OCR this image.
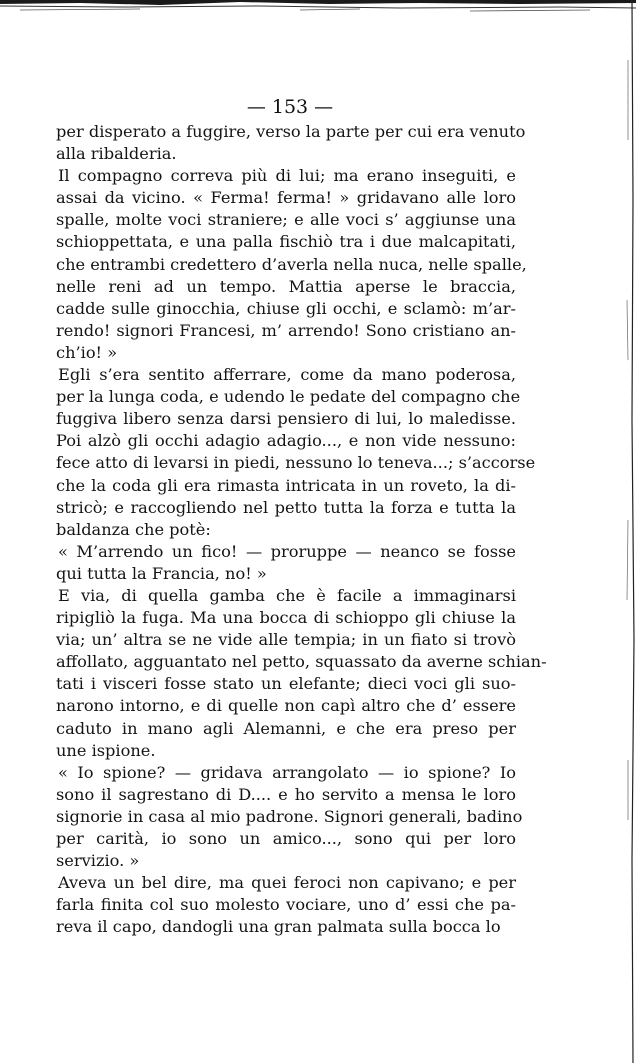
— 153 —
per disperato a fuggire, verso la parte per cui era venuto
alla ribalderia.
Il compagno correva più di lui; ma erano inseguiti, e
assai da vicino. « Ferma! ferma! » gridavano alle loro
spalle, molte voci straniere; e alle voci s’ aggiunse una
schioppettata, e una palla fischiò tra i due malcapitati,
che entrambi credettero d’averla nella nuca, nelle spalle,
nelle reni ad un tempo. Mattia aperse le braccia,
cadde sulle ginocchia, chiuse gli occhi, e sclamò: m’ar-
rendo! signori Francesi, m’ arrendo! Sono cristiano an-
ch’io! »
Egli s’era sentito afferrare, come da mano poderosa,
per la lunga coda, e udendo le pedate del compagno che
fuggiva libero senza darsi pensiero di lui, lo maledisse.
Poi alzò gli occhi adagio adagio..., e non vide nessuno:
fece atto di levarsi in piedi, nessuno lo teneva...; s’accorse
che la coda gli era rimasta intricata in un roveto, la di-
stricò; e raccogliendo nel petto tutta la forza e tutta la
baldanza che potè:
« M’arrendo un fico! — proruppe — neanco se fosse
qui tutta la Francia, no! »
E via, di quella gamba che è facile a immaginarsi
ripigliò la fuga. Ma una bocca di schioppo gli chiuse la
via; un’ altra se ne vide alle tempia; in un fiato si trovò
affollato, agguantato nel petto, squassato da averne schian-
tati i visceri fosse stato un elefante; dieci voci gli suo-
narono intorno, e di quelle non capì altro che d’ essere
caduto in mano agli Alemanni, e che era preso per
une ispione.
« Io spione? — gridava arrangolato — io spione? Io
sono il sagrestano di D.... e ho servito a mensa le loro
signorie in casa al mio padrone. Signori generali, badino
per carità, io sono un amico..., sono qui per loro
servizio. »
Aveva un bel dire, ma quei feroci non capivano; e per
farla finita col suo molesto vociare, uno d’ essi che pa-
reva il capo, dandogli una gran palmata sulla bocca lo
